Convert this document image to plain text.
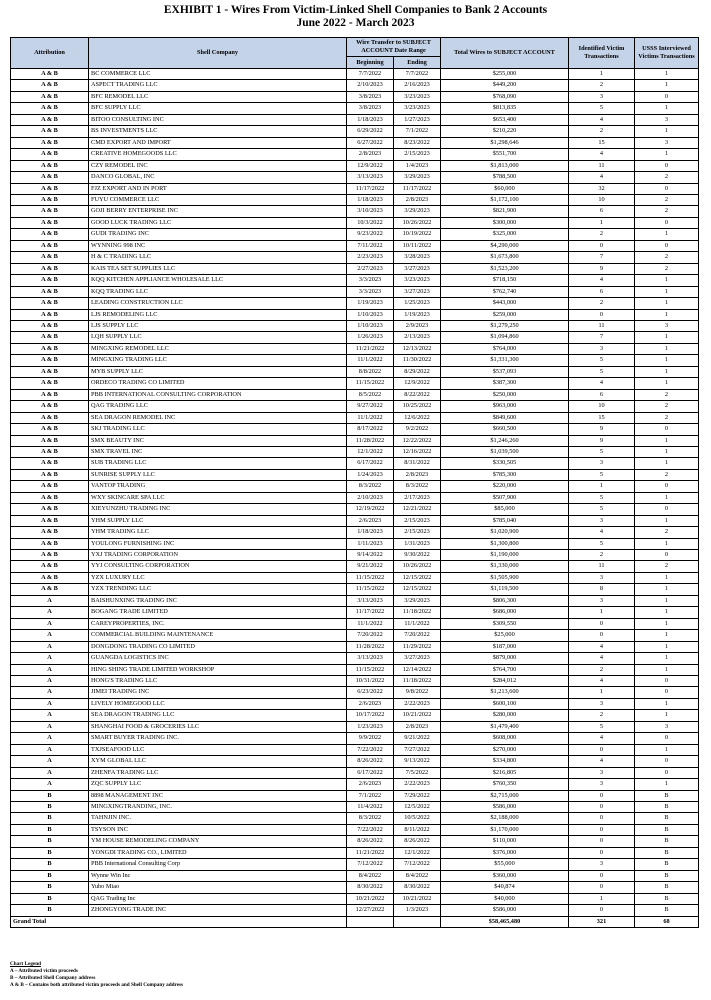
EXHIBIT 1 - Wires From Victim-Linked Shell Companies to Bank 2 Accounts
June 2022 - March 2023
Attribution	Shell Company	Wire Transfer to SUBJECT ACCOUNT Date Range		Total Wires to SUBJECT ACCOUNT	Identified Victim Transactions	USSS Interviewed Victims Transactions
		Beginning	Ending			
A & B	BC COMMERCE LLC	7/7/2022	7/7/2022	$255,000	1	1
A & B	ASPECT TRADING LLC	2/10/2023	2/16/2023	$449,200	2	1
A & B	BFC REMODEL LLC	3/8/2023	3/23/2023	$768,090	3	0
A & B	BFC SUPPLY LLC	3/8/2023	3/23/2023	$813,835	5	1
A & B	BITOO CONSULTING INC	1/18/2023	1/27/2023	$653,400	4	3
A & B	BS INVESTMENTS LLC	6/29/2022	7/1/2022	$210,220	2	1
A & B	CMD EXPORT AND IMPORT	6/27/2022	8/23/2022	$1,298,646	15	3
A & B	CREATIVE HOMEGOODS LLC	2/8/2023	2/15/2023	$551,700	4	1
A & B	CZY REMODEL INC	12/9/2022	1/4/2023	$1,813,000	11	0
A & B	DANCO GLOBAL, INC	3/13/2023	3/29/2023	$788,500	4	2
A & B	FJZ EXPORT AND IN PORT	11/17/2022	11/17/2022	$60,000	32	0
A & B	FUYU COMMERCE LLC	1/18/2023	2/8/2023	$1,172,100	10	2
A & B	GOJI BERRY ENTERPRISE INC	3/10/2023	3/29/2023	$821,900	6	2
A & B	GOOD LUCK TRADING LLC	10/3/2022	10/26/2022	$300,000	1	0
A & B	GUDI TRADING INC	9/23/2022	10/19/2022	$325,000	2	1
A & B	WYNNING 998 INC	7/11/2022	10/11/2022	$4,290,000	0	0
A & B	H & C TRADING LLC	2/23/2023	3/28/2023	$1,673,800	7	2
A & B	KAIS TEA SET SUPPLIES LLC	2/27/2023	3/27/2023	$1,523,200	9	2
A & B	KQQ KITCHEN APPLIANCE WHOLESALE LLC	3/3/2023	3/23/2023	$718,150	4	1
A & B	KQQ TRADING LLC	3/3/2023	3/27/2023	$762,740	6	1
A & B	LEADING CONSTRUCTION LLC	1/19/2023	1/25/2023	$443,000	2	1
A & B	LJS REMODELING LLC	1/10/2023	1/19/2023	$259,000	0	1
A & B	LJS SUPPLY LLC	1/10/2023	2/9/2023	$1,279,250	11	3
A & B	LQH SUPPLY LLC	1/26/2023	2/13/2023	$1,094,860	7	1
A & B	MINGXING REMODEL LLC	11/21/2022	12/13/2022	$764,000	3	1
A & B	MINGXING TRADING LLC	11/1/2022	11/30/2022	$1,331,300	5	1
A & B	MYB SUPPLY LLC	8/8/2022	8/29/2022	$537,093	5	1
A & B	ORDECO TRADING CO LIMITED	11/15/2022	12/9/2022	$387,300	4	1
A & B	PBB INTERNATIONAL CONSULTING CORPORATION	8/5/2022	8/22/2022	$250,000	6	2
A & B	QAG TRADING LLC	9/27/2022	10/25/2022	$963,000	10	2
A & B	SEA DRAGON REMODEL INC	11/1/2022	12/6/2022	$849,600	15	2
A & B	SKJ TRADING LLC	8/17/2022	9/2/2022	$660,500	9	0
A & B	SMX BEAUTY INC	11/28/2022	12/22/2022	$1,246,260	9	1
A & B	SMX TRAVEL INC	12/1/2022	12/16/2022	$1,039,500	5	1
A & B	SUB TRADING LLC	6/17/2022	8/31/2022	$330,505	3	1
A & B	SUNRISE SUPPLY LLC	1/24/2023	2/8/2023	$785,300	5	2
A & B	VANTOP TRADING	8/3/2022	8/3/2022	$220,000	1	0
A & B	WXY SKINCARE SPA LLC	2/10/2023	2/17/2023	$507,900	5	1
A & B	XIEYUNZHU TRADING INC	12/19/2022	12/21/2022	$85,000	5	0
A & B	YHM SUPPLY LLC	2/6/2023	2/15/2023	$785,040	3	1
A & B	YHM TRADING LLC	1/18/2023	2/15/2023	$1,020,900	4	2
A & B	YOULONG FURNISHING INC	1/11/2023	1/31/2023	$1,300,800	5	1
A & B	YXJ TRADING CORPORATION	9/14/2022	9/30/2022	$1,190,000	2	0
A & B	YYJ CONSULTING CORPORATION	9/21/2022	10/26/2022	$1,330,000	11	2
A & B	YZX LUXURY LLC	11/15/2022	12/15/2022	$1,505,900	3	1
A & B	YZX TRENDING LLC	11/15/2022	12/15/2022	$1,119,500	8	1
A	BAISHUNXING TRADING INC	3/13/2023	3/29/2023	$806,300	3	1
A	BOGANG TRADE LIMITED	11/17/2022	11/18/2022	$686,000	1	1
A	CAREYPROPERTIES, INC.	11/1/2022	11/1/2022	$309,550	0	1
A	COMMERCIAL BUILDING MAINTENANCE	7/20/2022	7/20/2022	$25,000	0	1
A	DONGDONG TRADING CO LIMITED	11/28/2022	11/29/2022	$187,000	4	1
A	GUANGDA LOGISTICS INC	3/13/2023	3/27/2023	$879,000	4	1
A	HING SHING TRADE LIMITED WORKSHOP	11/15/2022	12/14/2022	$764,700	2	1
A	HONG'S TRADING LLC	10/31/2022	11/18/2022	$284,012	4	0
A	JIMEI TRADING INC	6/23/2022	9/8/2022	$1,213,600	1	0
A	LIVELY HOMEGOOD LLC	2/6/2023	2/22/2023	$600,100	3	1
A	SEA DRAGON TRADING LLC	10/17/2022	10/21/2022	$280,000	2	1
A	SHANGHAI FOOD & GROCERIES LLC	1/23/2023	2/8/2023	$1,479,400	5	3
A	SMART BUYER TRADING INC.	9/9/2022	9/21/2022	$608,000	4	0
A	TXJSEAFOOD LLC	7/22/2022	7/27/2022	$270,000	0	1
A	XYM GLOBAL LLC	8/26/2022	9/13/2022	$334,800	4	0
A	ZHENFA TRADING LLC	6/17/2022	7/5/2022	$216,805	3	0
A	ZQC SUPPLY LLC	2/6/2023	2/22/2023	$760,350	3	1
B	8898 MANAGEMENT INC	7/1/2022	7/29/2022	$2,715,000	0	B
B	MINGXINGTRANDING, INC.	11/4/2022	12/5/2022	$586,000	0	B
B	TAHNJIN INC.	8/3/2022	10/5/2022	$2,188,000	0	B
B	TSYSON INC	7/22/2022	8/11/2022	$1,170,000	0	B
B	YM HOUSE REMODELING COMPANY	8/26/2022	8/26/2022	$110,000	0	B
B	YONGDI TRADING CO., LIMITED	11/21/2022	12/1/2022	$376,000	0	B
B	PBB International Consulting Corp	7/12/2022	7/12/2022	$55,000	3	B
B	Wynne Win Inc	8/4/2022	8/4/2022	$360,000	0	B
B	Yubo Miao	8/30/2022	8/30/2022	$40,874	0	B
B	QAG Trading Inc	10/21/2022	10/21/2022	$40,000	1	B
B	ZHONGYONG TRADE INC	12/27/2022	1/3/2023	$586,000	0	B
Grand Total				$58,465,480	321	68
Chart Legend
A – Attributed victim proceeds
B – Attributed Shell Company address
A & B – Contains both attributed victim proceeds and Shell Company address
